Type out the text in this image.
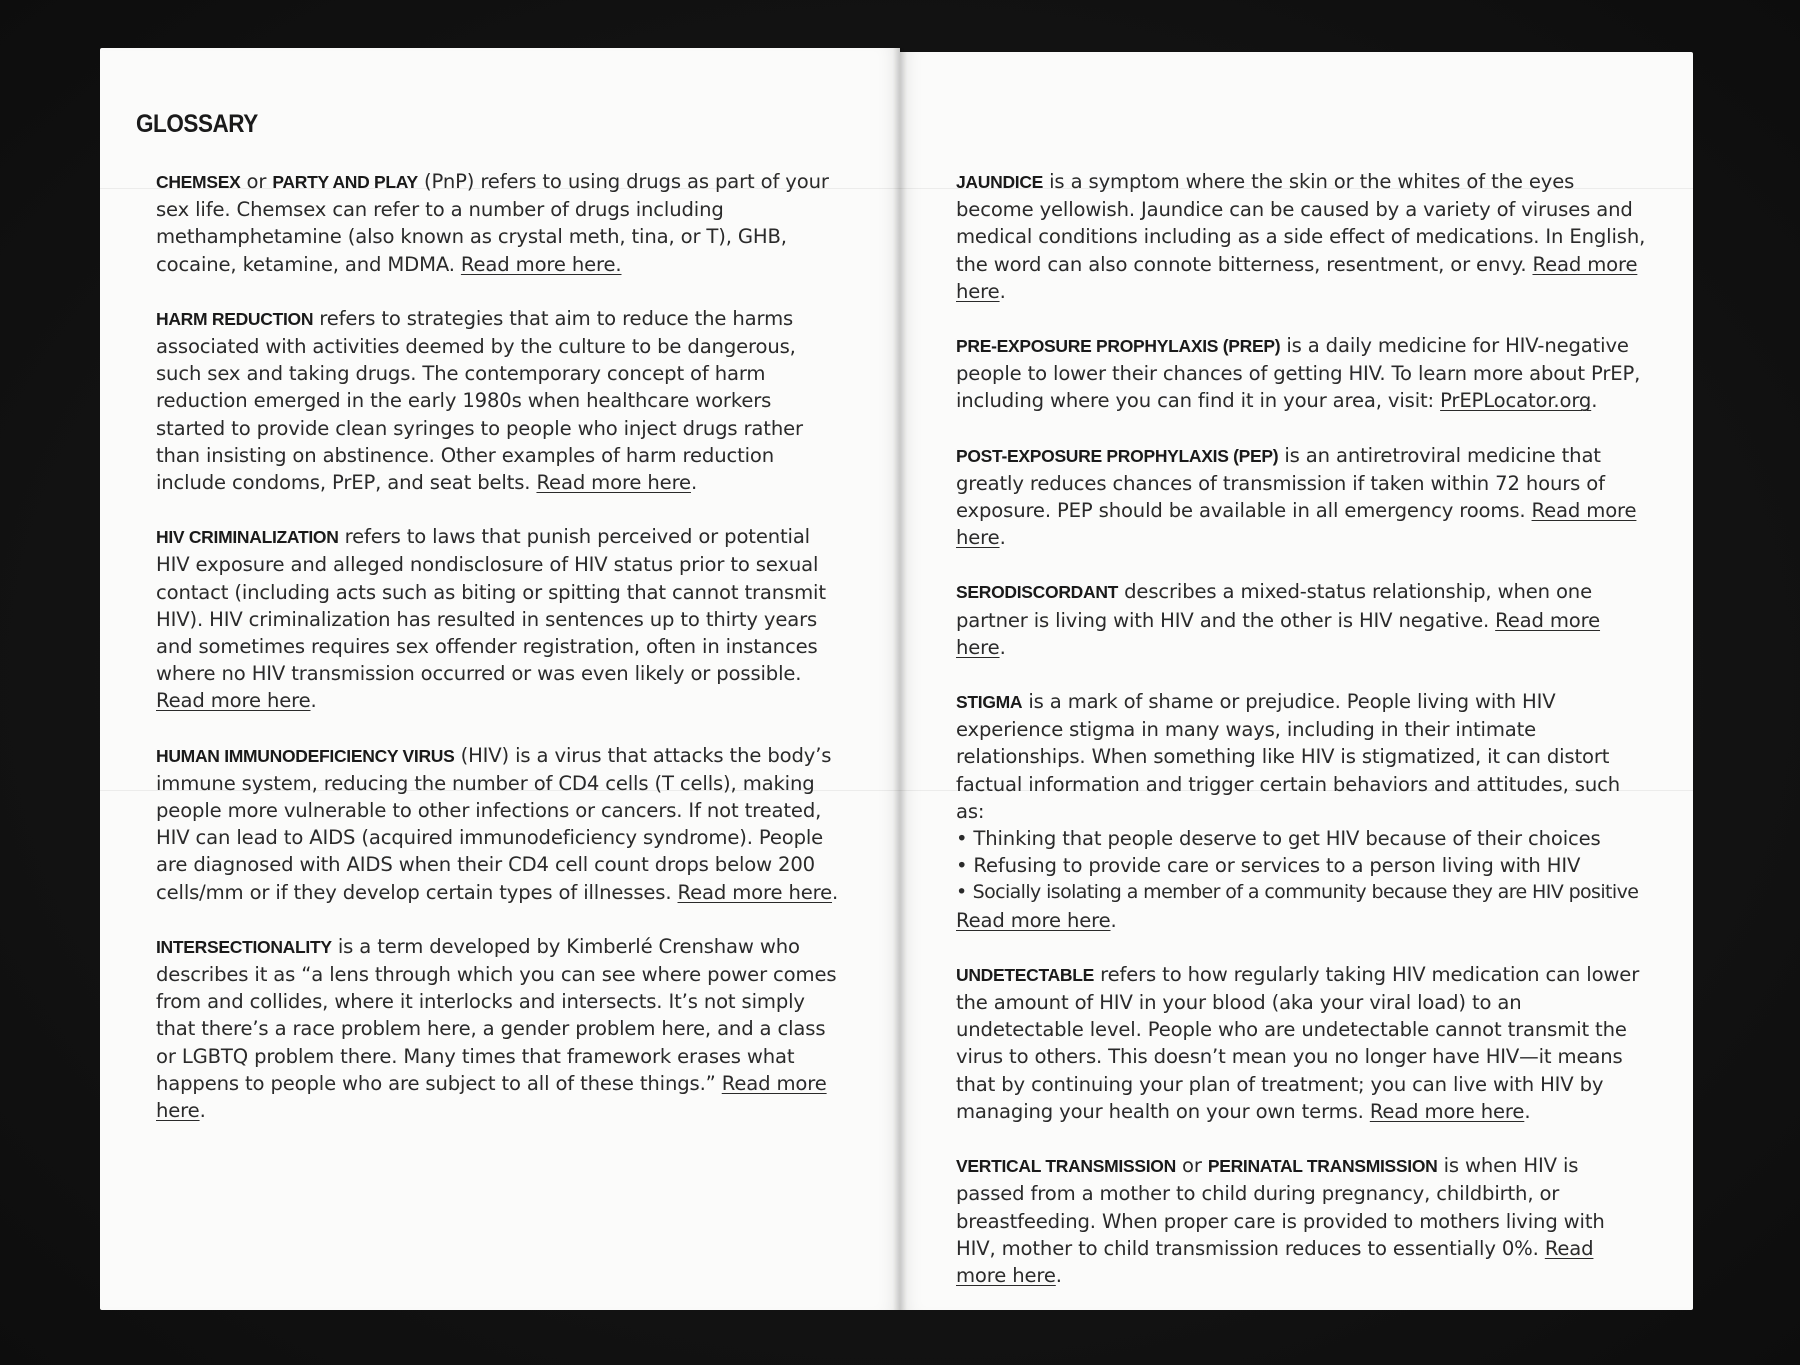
GLOSSARY

CHEMSEX or PARTY AND PLAY (PnP) refers to using drugs as part of your sex life. Chemsex can refer to a number of drugs including methamphetamine (also known as crystal meth, tina, or T), GHB, cocaine, ketamine, and MDMA. Read more here.

HARM REDUCTION refers to strategies that aim to reduce the harms associated with activities deemed by the culture to be dangerous, such sex and taking drugs. The contemporary concept of harm reduction emerged in the early 1980s when healthcare workers started to provide clean syringes to people who inject drugs rather than insisting on abstinence. Other examples of harm reduction include condoms, PrEP, and seat belts. Read more here.

HIV CRIMINALIZATION refers to laws that punish perceived or potential HIV exposure and alleged nondisclosure of HIV status prior to sexual contact (including acts such as biting or spitting that cannot transmit HIV). HIV criminalization has resulted in sentences up to thirty years and sometimes requires sex offender registration, often in instances where no HIV transmission occurred or was even likely or possible. Read more here.

HUMAN IMMUNODEFICIENCY VIRUS (HIV) is a virus that attacks the body’s immune system, reducing the number of CD4 cells (T cells), making people more vulnerable to other infections or cancers. If not treated, HIV can lead to AIDS (acquired immunodeficiency syndrome). People are diagnosed with AIDS when their CD4 cell count drops below 200 cells/mm or if they develop certain types of illnesses. Read more here.

INTERSECTIONALITY is a term developed by Kimberlé Crenshaw who describes it as “a lens through which you can see where power comes from and collides, where it interlocks and intersects. It’s not simply that there’s a race problem here, a gender problem here, and a class or LGBTQ problem there. Many times that framework erases what happens to people who are subject to all of these things.” Read more here.

JAUNDICE is a symptom where the skin or the whites of the eyes become yellowish. Jaundice can be caused by a variety of viruses and medical conditions including as a side effect of medications. In English, the word can also connote bitterness, resentment, or envy. Read more here.

PRE-EXPOSURE PROPHYLAXIS (PREP) is a daily medicine for HIV-negative people to lower their chances of getting HIV. To learn more about PrEP, including where you can find it in your area, visit: PrEPLocator.org.

POST-EXPOSURE PROPHYLAXIS (PEP) is an antiretroviral medicine that greatly reduces chances of transmission if taken within 72 hours of exposure. PEP should be available in all emergency rooms. Read more here.

SERODISCORDANT describes a mixed-status relationship, when one partner is living with HIV and the other is HIV negative. Read more here.

STIGMA is a mark of shame or prejudice. People living with HIV experience stigma in many ways, including in their intimate relationships. When something like HIV is stigmatized, it can distort factual information and trigger certain behaviors and attitudes, such as:
• Thinking that people deserve to get HIV because of their choices
• Refusing to provide care or services to a person living with HIV
• Socially isolating a member of a community because they are HIV positive
Read more here.

UNDETECTABLE refers to how regularly taking HIV medication can lower the amount of HIV in your blood (aka your viral load) to an undetectable level. People who are undetectable cannot transmit the virus to others. This doesn’t mean you no longer have HIV—it means that by continuing your plan of treatment; you can live with HIV by managing your health on your own terms. Read more here.

VERTICAL TRANSMISSION or PERINATAL TRANSMISSION is when HIV is passed from a mother to child during pregnancy, childbirth, or breastfeeding. When proper care is provided to mothers living with HIV, mother to child transmission reduces to essentially 0%. Read more here.
